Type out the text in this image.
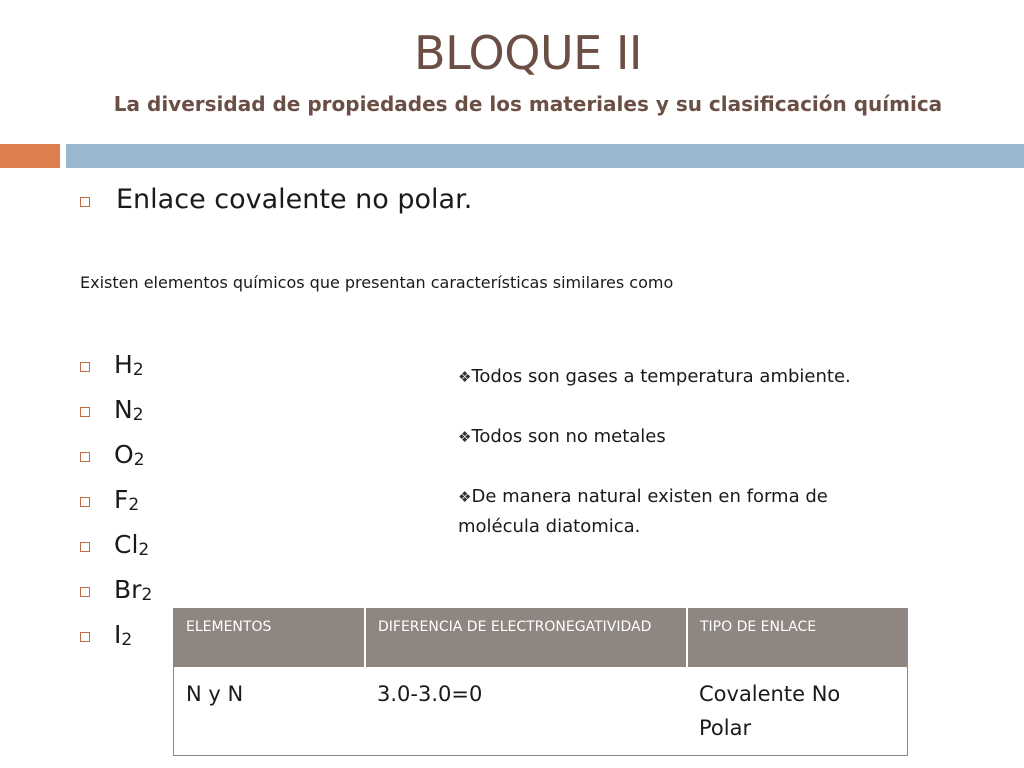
BLOQUE II
La diversidad de propiedades de los materiales y su clasificación química
Enlace covalente no polar.
Existen elementos químicos que presentan características similares como
$H_2$
$N_2$
$O_2$
$F_2$
$Cl_2$
$Br_2$
$I_2$

❖Todos son gases a temperatura ambiente.

❖Todos son no metales

❖De manera natural existen en forma de molécula diatomica.

ELEMENTOS	DIFERENCIA DE ELECTRONEGATIVIDAD	TIPO DE ENLACE
N y N	3.0-3.0=0	Covalente No Polar
